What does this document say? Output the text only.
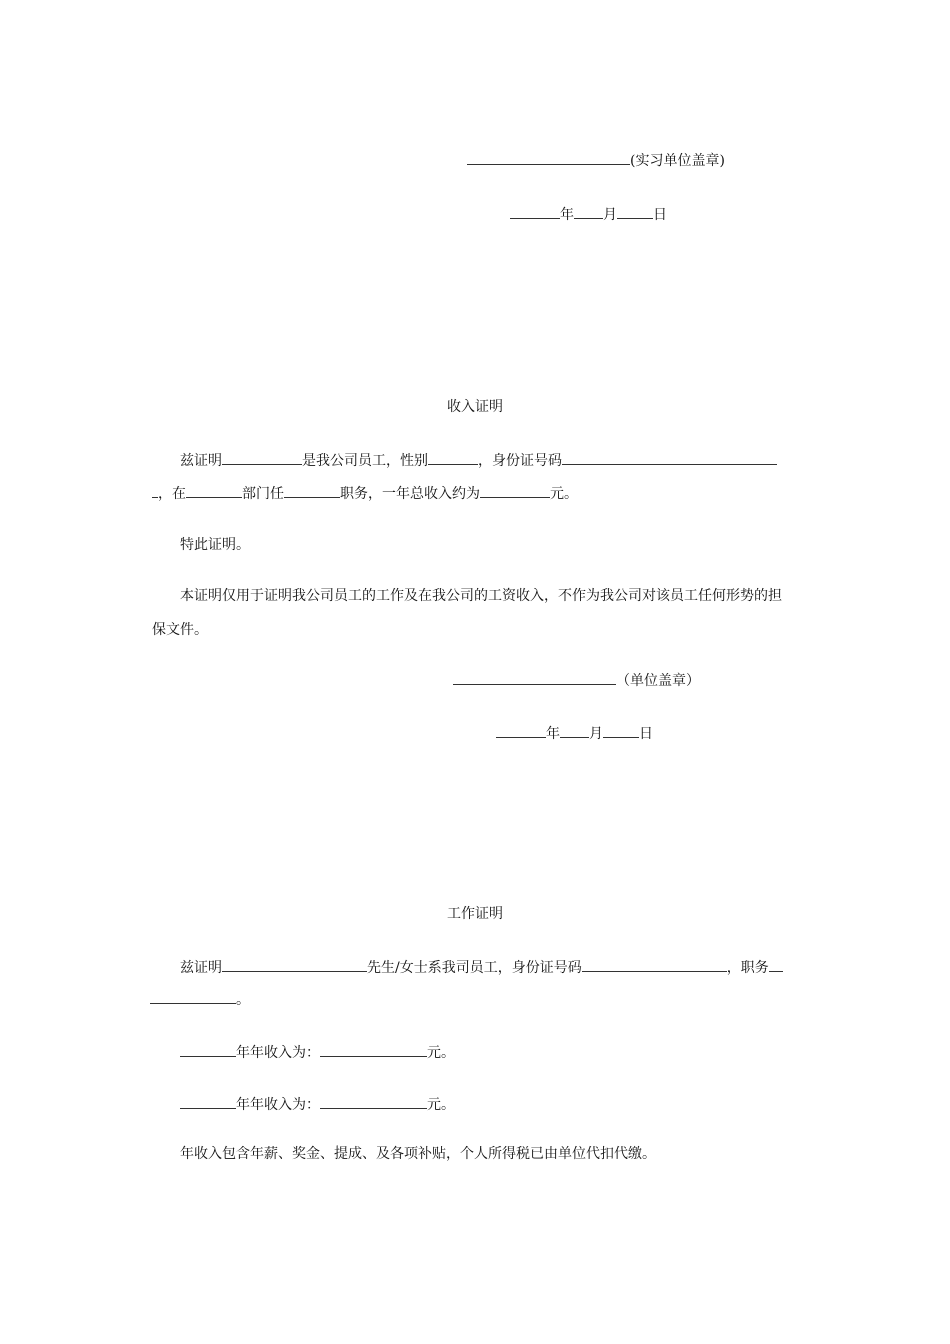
(实习单位盖章)
年 月	日
收入证明
兹证明	是我公司员工，性别	，身份证号码
，在	部门任	职务，一年总收入约为	元。
特此证明。
本证明仅用于证明我公司员工的工作及在我公司的工资收入，不作为我公司对该员工任何形势的担
保文件。
（单位盖章）
年 月	日
工作证明
兹证明	先生/女士系我司员工，身份证号码	，职务
。
年年收入为：	元。
年年收入为：	元。
年收入包含年薪、奖金、提成、及各项补贴，个人所得税已由单位代扣代缴。
